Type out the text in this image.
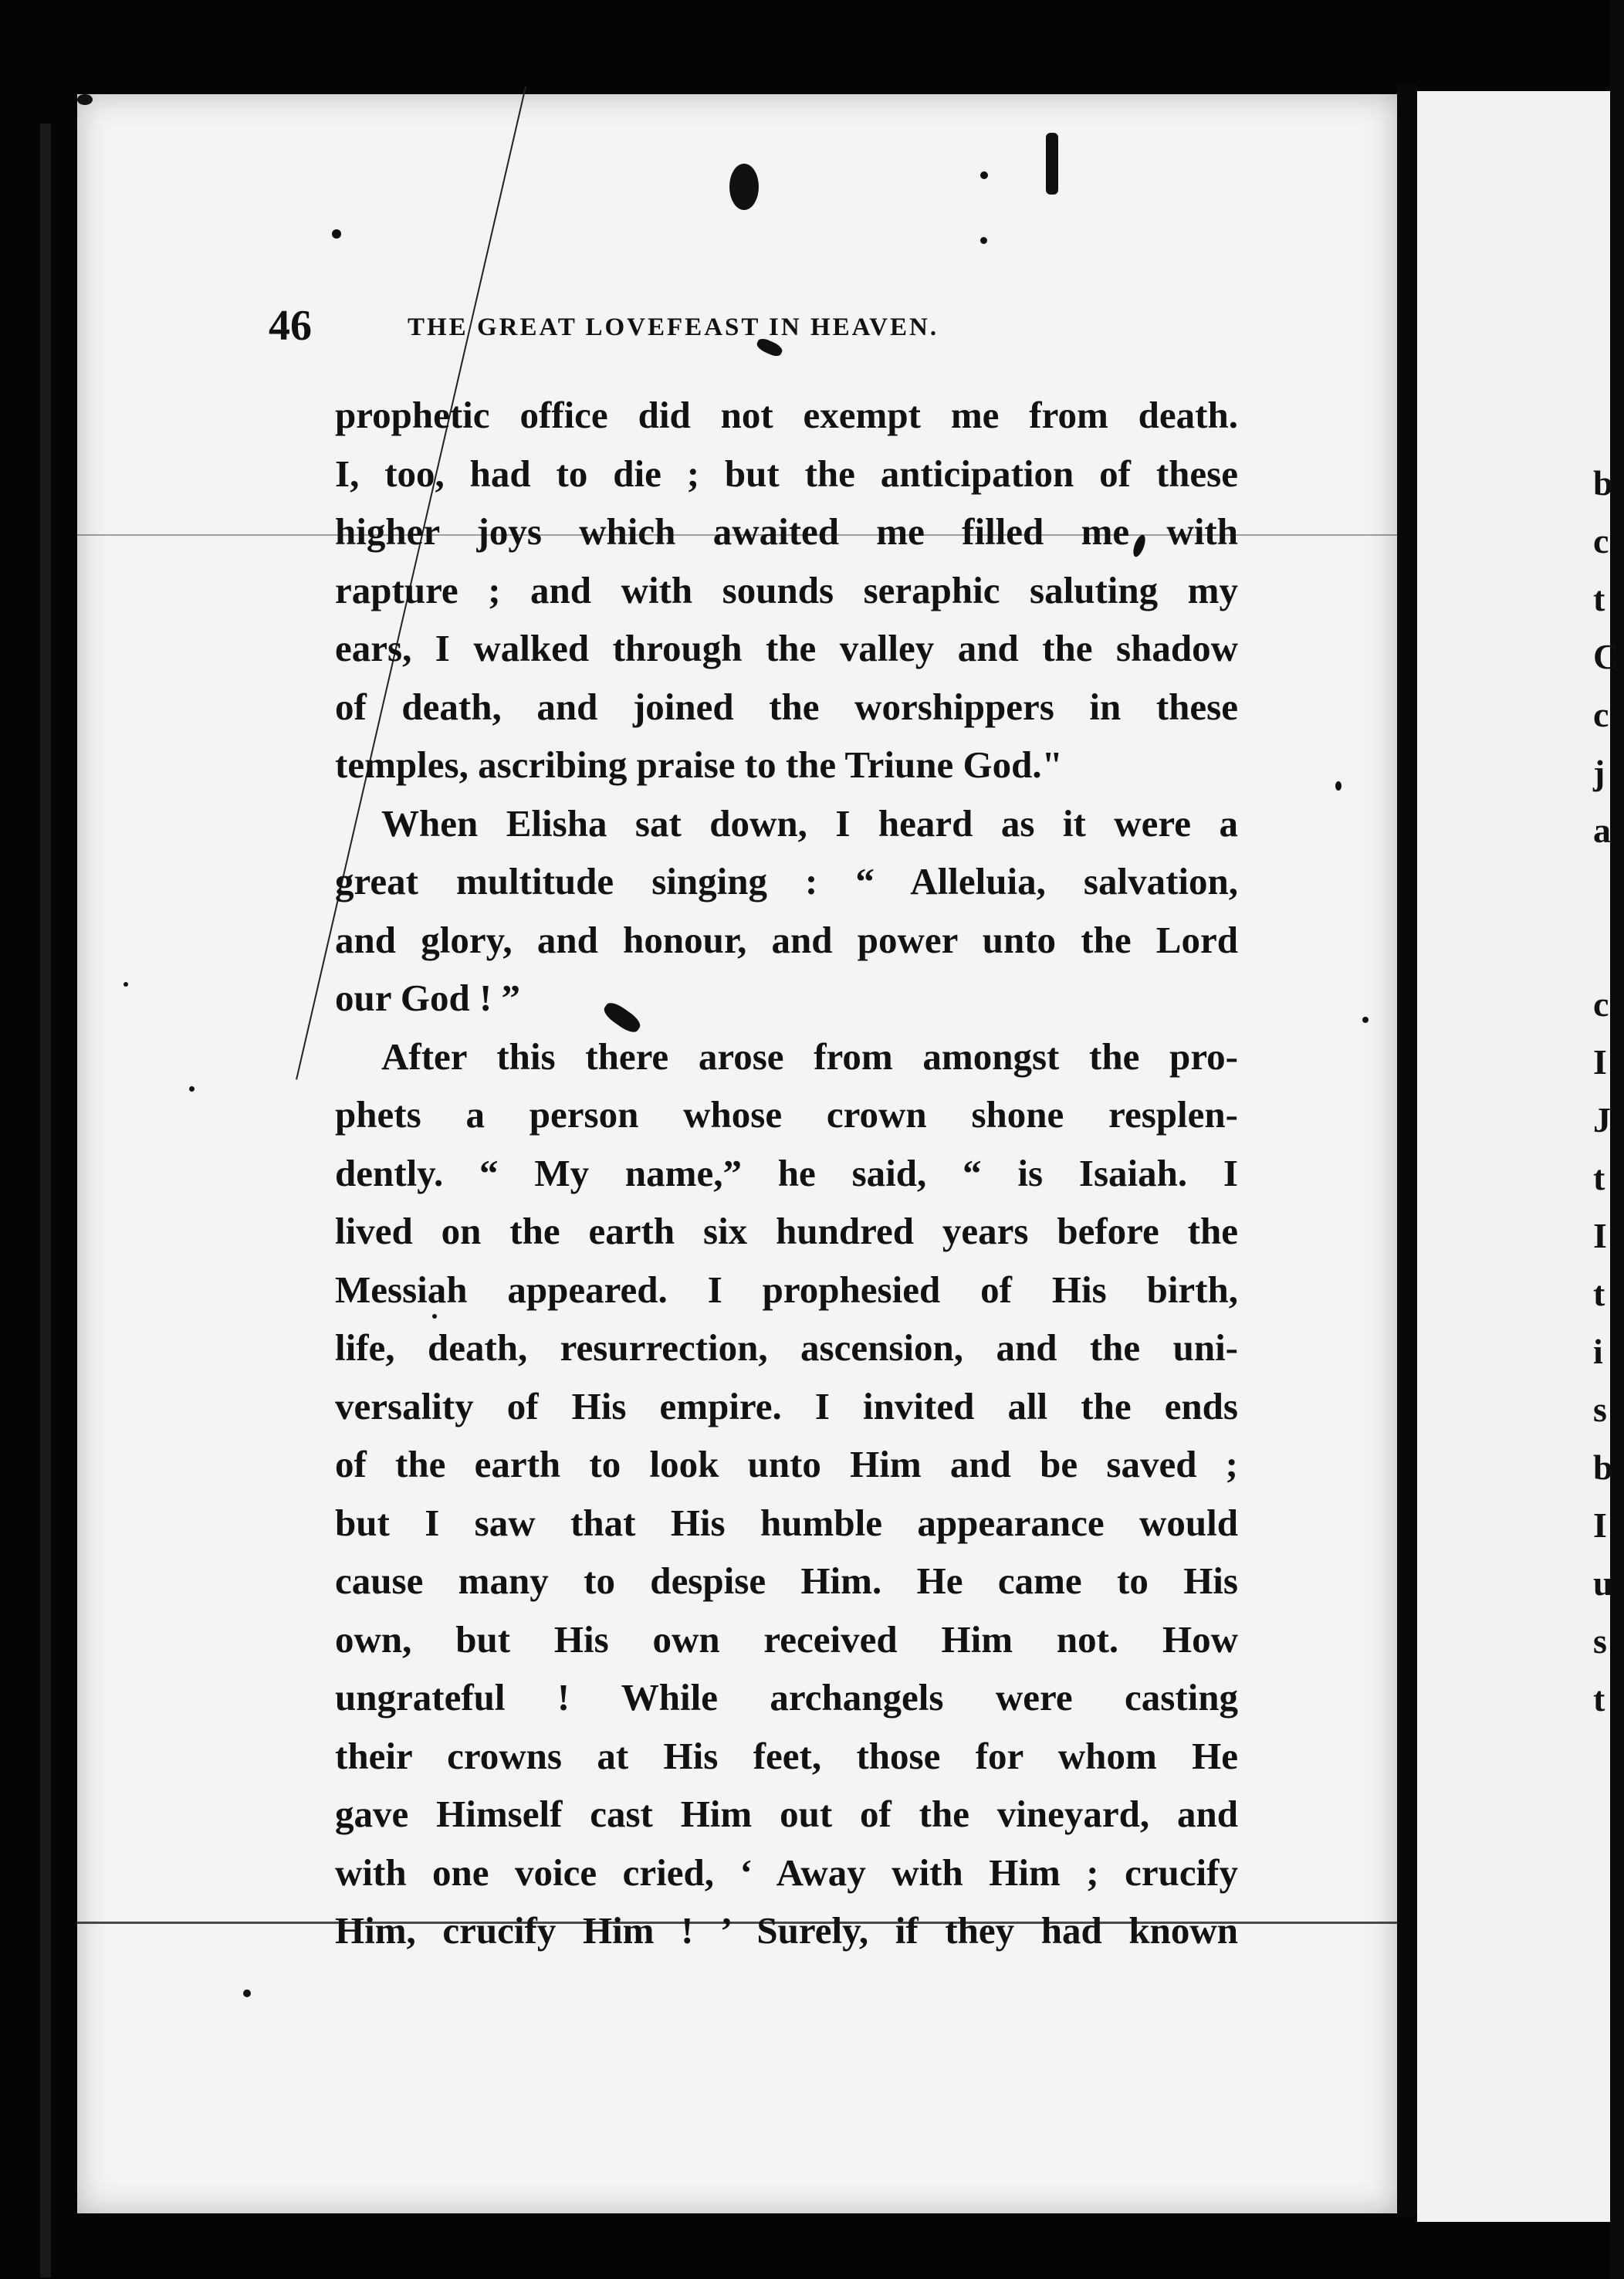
b
c
t
C
c
j
a
c
I
J
t
I
t
i
s
b
I
u
s
t
46	THE GREAT LOVEFEAST IN HEAVEN.
prophetic office did not exempt me from death.
I, too, had to die ; but the anticipation of these
higher joys which awaited me filled me with
rapture ; and with sounds seraphic saluting my
ears, I walked through the valley and the shadow
of death, and joined the worshippers in these
temples, ascribing praise to the Triune God."
When Elisha sat down, I heard as it were a
great multitude singing : “ Alleluia, salvation,
and glory, and honour, and power unto the Lord
our God ! ”
After this there arose from amongst the pro-
phets a person whose crown shone resplen-
dently. “ My name,” he said, “ is Isaiah. I
lived on the earth six hundred years before the
Messiah appeared. I prophesied of His birth,
life, death, resurrection, ascension, and the uni-
versality of His empire. I invited all the ends
of the earth to look unto Him and be saved ;
but I saw that His humble appearance would
cause many to despise Him. He came to His
own, but His own received Him not. How
ungrateful ! While archangels were casting
their crowns at His feet, those for whom He
gave Himself cast Him out of the vineyard, and
with one voice cried, ‘ Away with Him ; crucify
Him, crucify Him ! ’ Surely, if they had known
